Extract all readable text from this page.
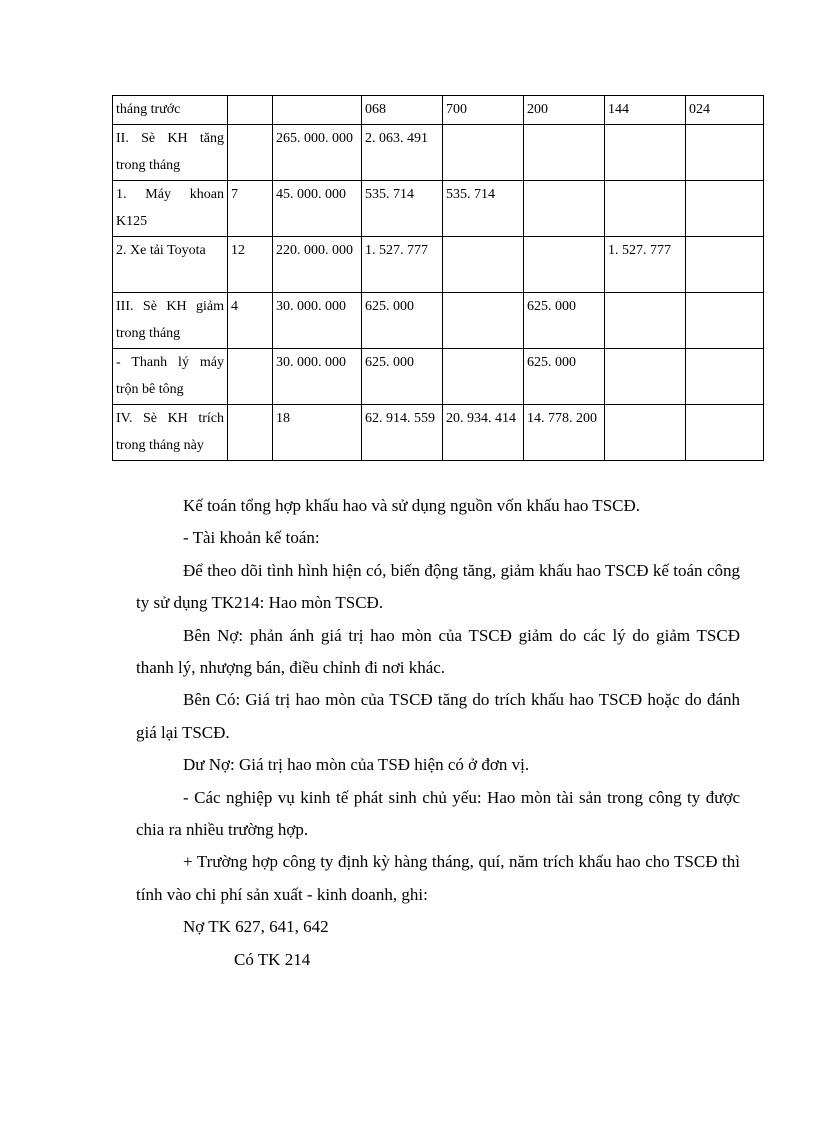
tháng trước			068	700	200	144	024
II. Sè KH tăng trong tháng		265. 000. 000	2. 063. 491				
1. Máy khoan K125	7	45. 000. 000	535. 714	535. 714			
2. Xe tải Toyota	12	220. 000. 000	1. 527. 777			1. 527. 777	
III. Sè KH giảm trong tháng	4	30. 000. 000	625. 000		625. 000		
- Thanh lý máy trộn bê tông		30. 000. 000	625. 000		625. 000		
IV. Sè KH trích trong tháng này		18	62. 914. 559	20. 934. 414	14. 778. 200		

Kế toán tổng hợp khấu hao và sử dụng nguồn vốn khấu hao TSCĐ.

- Tài khoản kế toán:

Để theo dõi tình hình hiện có, biến động tăng, giảm khấu hao TSCĐ kế toán công ty sử dụng TK214: Hao mòn TSCĐ.

Bên Nợ: phản ánh giá trị hao mòn của TSCĐ giảm do các lý do giảm TSCĐ thanh lý, nhượng bán, điều chỉnh đi nơi khác.

Bên Có: Giá trị hao mòn của TSCĐ tăng do trích khấu hao TSCĐ hoặc do đánh giá lại TSCĐ.

Dư Nợ: Giá trị hao mòn của TSĐ hiện có ở đơn vị.

- Các nghiệp vụ kinh tế phát sinh chủ yếu: Hao mòn tài sản trong công ty được chia ra nhiều trường hợp.

+ Trường hợp công ty định kỳ hàng tháng, quí, năm trích khấu hao cho TSCĐ thì tính vào chi phí sản xuất - kinh doanh, ghi:

Nợ TK 627, 641, 642

Có TK 214
